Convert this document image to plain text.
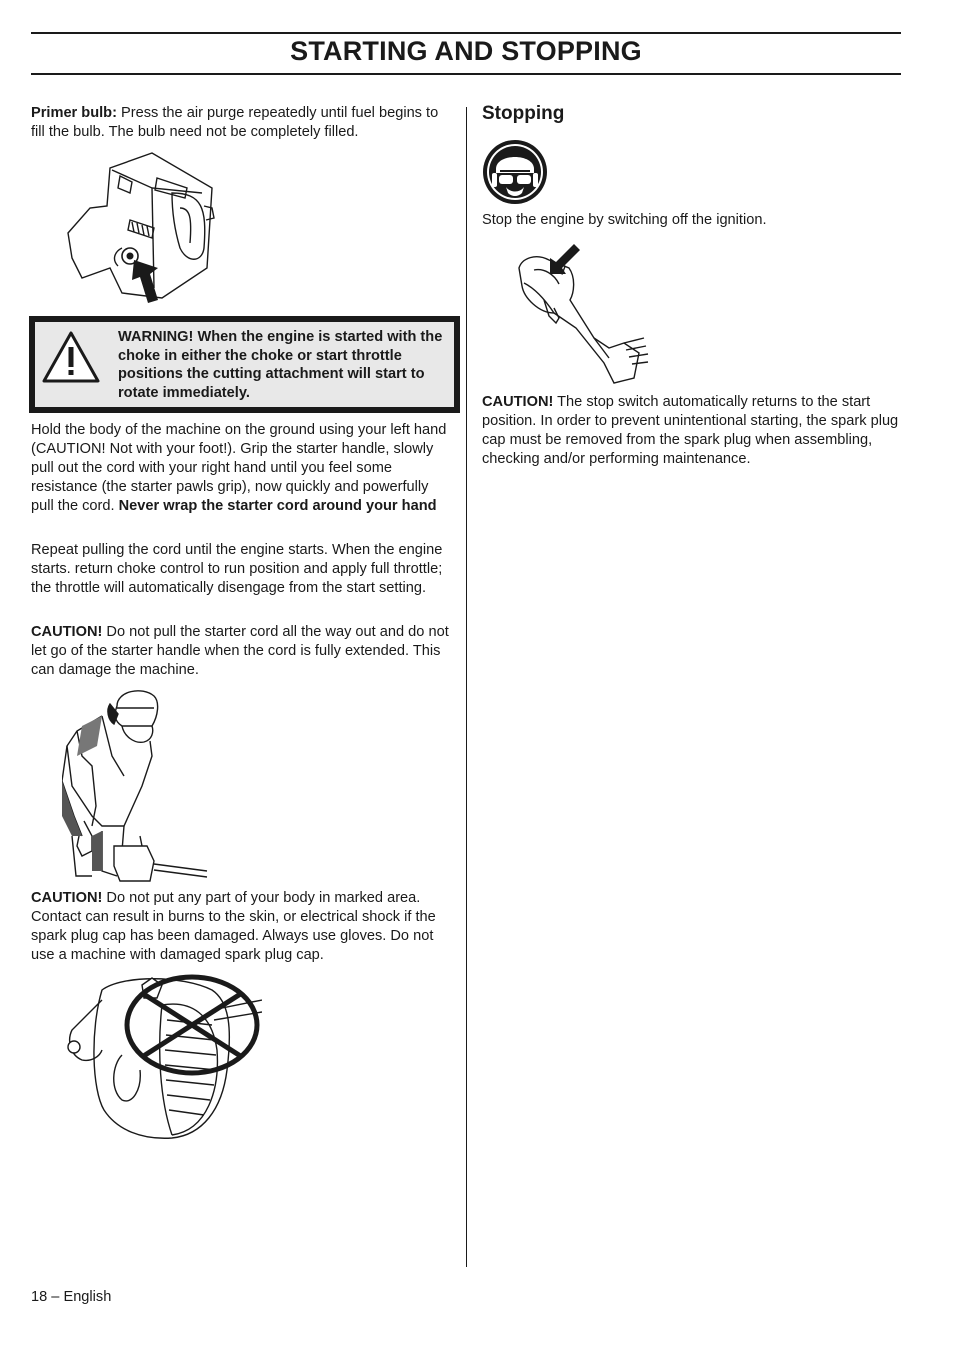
STARTING AND STOPPING

Primer bulb: Press the air purge repeatedly until fuel begins to fill the bulb. The bulb need not be completely filled.

WARNING! When the engine is started with the choke in either the choke or start throttle positions the cutting attachment will start to rotate immediately.

Hold the body of the machine on the ground using your left hand (CAUTION! Not with your foot!). Grip the starter handle, slowly pull out the cord with your right hand until you feel some resistance (the starter pawls grip), now quickly and powerfully pull the cord. Never wrap the starter cord around your hand

Repeat pulling the cord until the engine starts. When the engine starts. return choke control to run position and apply full throttle; the throttle will automatically disengage from the start setting.

CAUTION! Do not pull the starter cord all the way out and do not let go of the starter handle when the cord is fully extended. This can damage the machine.

CAUTION! Do not put any part of your body in marked area. Contact can result in burns to the skin, or electrical shock if the spark plug cap has been damaged. Always use gloves. Do not use a machine with damaged spark plug cap.

Stopping

Stop the engine by switching off the ignition.

CAUTION! The stop switch automatically returns to the start position. In order to prevent unintentional starting, the spark plug cap must be removed from the spark plug when assembling, checking and/or performing maintenance.

18 – English
